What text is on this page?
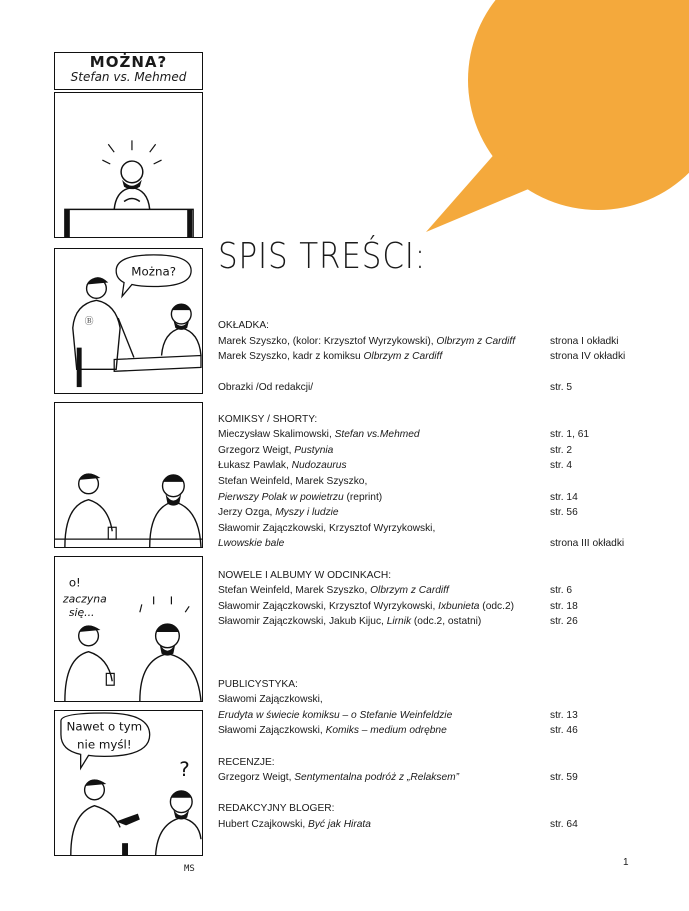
MOŻNA?
Stefan vs. Mehmed
Można?
Ⓑ
o!
zaczyna
się...
Nawet o tym
nie myśl!
?
MS
SPIS TREŚCI:
OKŁADKA:
Marek Szyszko, (kolor: Krzysztof Wyrzykowski), Olbrzym z Cardiff	strona I okładki
Marek Szyszko, kadr z komiksu Olbrzym z Cardiff	strona IV okładki
Obrazki /Od redakcji/	str. 5
KOMIKSY / SHORTY:
Mieczysław Skalimowski, Stefan vs.Mehmed	str. 1, 61
Grzegorz Weigt, Pustynia	str. 2
Łukasz Pawlak, Nudozaurus	str. 4
Stefan Weinfeld, Marek Szyszko,
Pierwszy Polak w powietrzu (reprint)	str. 14
Jerzy Ozga, Myszy i ludzie	str. 56
Sławomir Zajączkowski, Krzysztof Wyrzykowski,
Lwowskie bale	strona III okładki
NOWELE I ALBUMY W ODCINKACH:
Stefan Weinfeld, Marek Szyszko, Olbrzym z Cardiff	str. 6
Sławomir Zajączkowski, Krzysztof Wyrzykowski, Ixbunieta (odc.2)	str. 18
Sławomir Zajączkowski, Jakub Kijuc, Lirnik (odc.2, ostatni)	str. 26
PUBLICYSTYKA:
Sławomi Zajączkowski,
Erudyta w świecie komiksu – o Stefanie Weinfeldzie	str. 13
Sławomi Zajączkowski, Komiks – medium odrębne	str. 46
RECENZJE:
Grzegorz Weigt, Sentymentalna podróż z „Relaksem”	str. 59
REDAKCYJNY BLOGER:
Hubert Czajkowski, Być jak Hirata	str. 64
1
